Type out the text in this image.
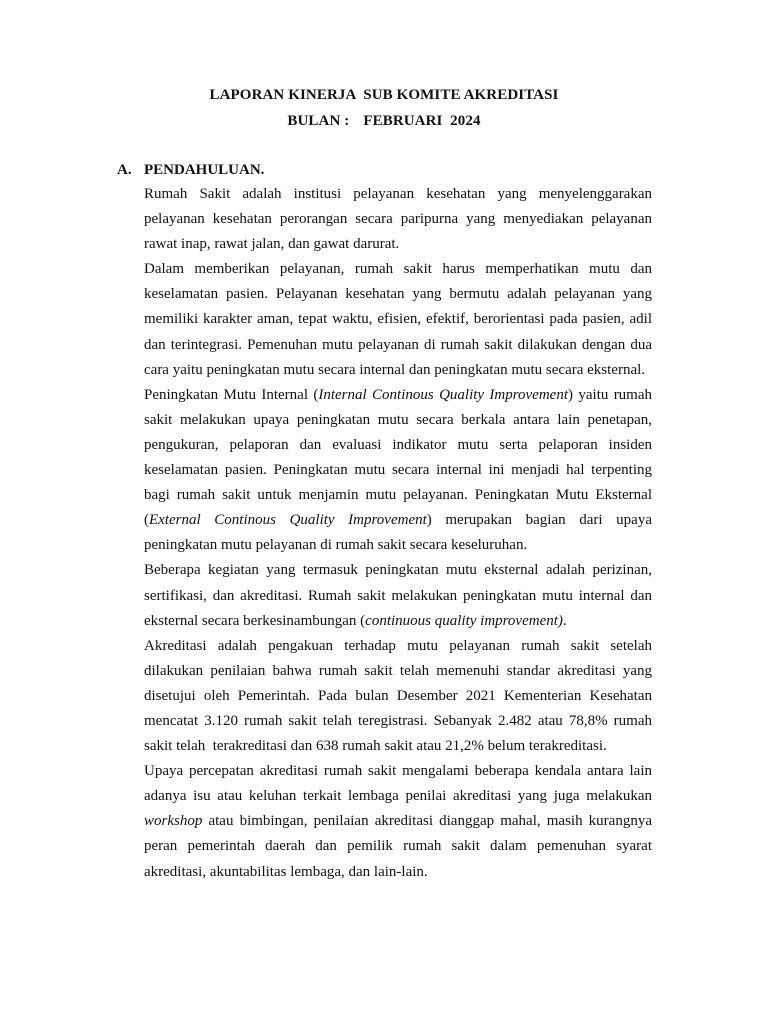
LAPORAN KINERJA  SUB KOMITE AKREDITASI
BULAN : FEBRUARI  2024
A. PENDAHULUAN.

Rumah Sakit adalah institusi pelayanan kesehatan yang menyelenggarakan pelayanan kesehatan perorangan secara paripurna yang menyediakan pelayanan rawat inap, rawat jalan, dan gawat darurat.

Dalam memberikan pelayanan, rumah sakit harus memperhatikan mutu dan keselamatan pasien. Pelayanan kesehatan yang bermutu adalah pelayanan yang memiliki karakter aman, tepat waktu, efisien, efektif, berorientasi pada pasien, adil dan terintegrasi. Pemenuhan mutu pelayanan di rumah sakit dilakukan dengan dua cara yaitu peningkatan mutu secara internal dan peningkatan mutu secara eksternal.

Peningkatan Mutu Internal (Internal Continous Quality Improvement) yaitu rumah sakit melakukan upaya peningkatan mutu secara berkala antara lain penetapan, pengukuran, pelaporan dan evaluasi indikator mutu serta pelaporan insiden keselamatan pasien. Peningkatan mutu secara internal ini menjadi hal terpenting bagi rumah sakit untuk menjamin mutu pelayanan. Peningkatan Mutu Eksternal (External Continous Quality Improvement) merupakan bagian dari upaya peningkatan mutu pelayanan di rumah sakit secara keseluruhan.

Beberapa kegiatan yang termasuk peningkatan mutu eksternal adalah perizinan, sertifikasi, dan akreditasi. Rumah sakit melakukan peningkatan mutu internal dan eksternal secara berkesinambungan (continuous quality improvement).

Akreditasi adalah pengakuan terhadap mutu pelayanan rumah sakit setelah dilakukan penilaian bahwa rumah sakit telah memenuhi standar akreditasi yang disetujui oleh Pemerintah. Pada bulan Desember 2021 Kementerian Kesehatan mencatat 3.120 rumah sakit telah teregistrasi. Sebanyak 2.482 atau 78,8% rumah sakit telah  terakreditasi dan 638 rumah sakit atau 21,2% belum terakreditasi.

Upaya percepatan akreditasi rumah sakit mengalami beberapa kendala antara lain adanya isu atau keluhan terkait lembaga penilai akreditasi yang juga melakukan workshop atau bimbingan, penilaian akreditasi dianggap mahal, masih kurangnya peran pemerintah daerah dan pemilik rumah sakit dalam pemenuhan syarat akreditasi, akuntabilitas lembaga, dan lain-lain.
